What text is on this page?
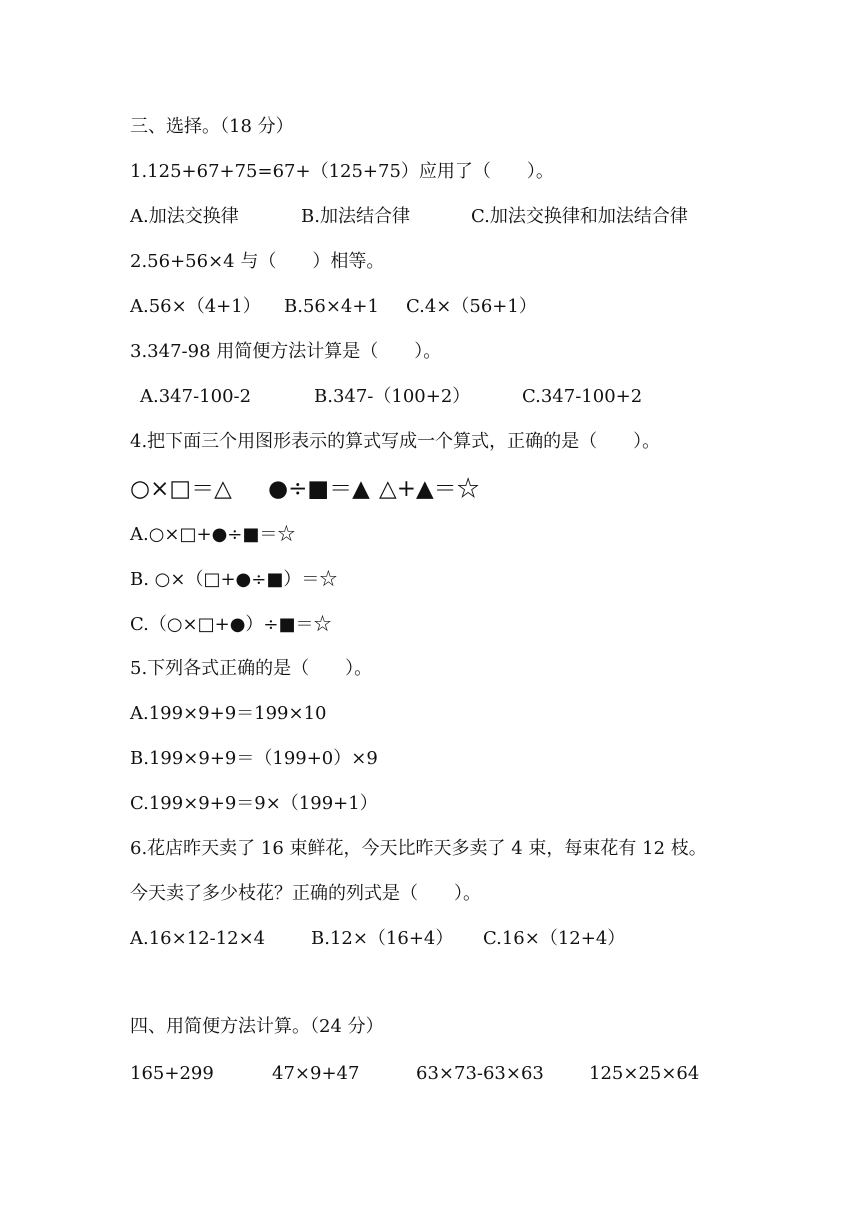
三、选择。（18 分）
1.125+67+75=67+（125+75）应用了（　　）。
A.加法交换律	B.加法结合律	C.加法交换律和加法结合律
2.56+56×4 与（　　）相等。
A.56×（4+1） B.56×4+1 C.4×（56+1）
3.347-98 用简便方法计算是（　　）。
A.347-100-2	B.347-（100+2）	C.347-100+2
4.把下面三个用图形表示的算式写成一个算式，正确的是（　　）。
○×□＝△ ●÷■＝▲ △+▲＝☆
A.○×□+●÷■＝☆
B. ○×（□+●÷■）＝☆
C.（○×□+●）÷■＝☆
5.下列各式正确的是（　　）。
A.199×9+9＝199×10
B.199×9+9＝（199+0）×9
C.199×9+9＝9×（199+1）
6.花店昨天卖了 16 束鲜花，今天比昨天多卖了 4 束，每束花有 12 枝。
今天卖了多少枝花？正确的列式是（　　）。
A.16×12-12×4	B.12×（16+4） C.16×（12+4）
四、用简便方法计算。（24 分）
165+299	47×9+47	63×73-63×63	125×25×64
